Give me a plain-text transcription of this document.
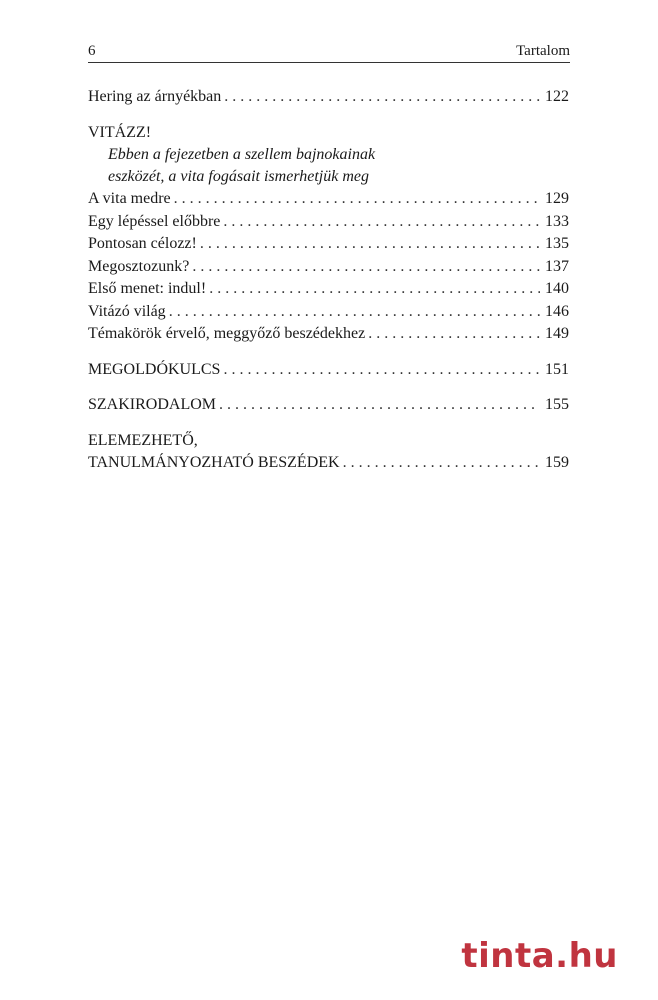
6	Tartalom
Hering az árnyékban . . .	122
VITÁZZ!
Ebben a fejezetben a szellem bajnokainak
eszközét, a vita fogásait ismerhetjük meg
A vita medre . . .	129
Egy lépéssel előbbre . . .	133
Pontosan célozz! . . .	135
Megosztozunk? . . .	137
Első menet: indul! . . .	140
Vitázó világ . . .	146
Témakörök érvelő, meggyőző beszédekhez . . .	149
MEGOLDÓKULCS . . .	151
SZAKIRODALOM . . .	155
ELEMEZHETŐ,
TANULMÁNYOZHATÓ BESZÉDEK . . .	159
tinta.hu
